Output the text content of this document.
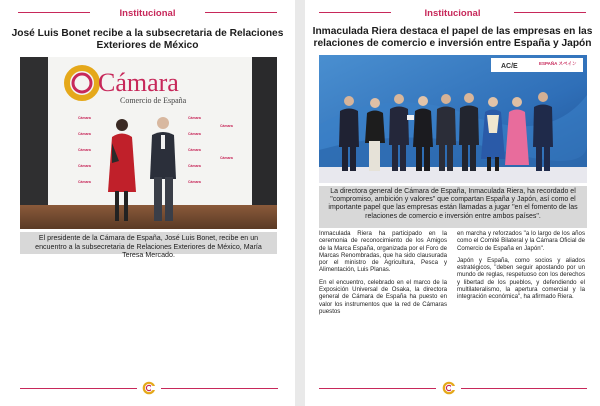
Institucional
José Luis Bonet recibe a la subsecretaria de Relaciones Exteriores de México
Cámara
Cámara
Cámara
Cámara
Cámara
Cámara
Cámara
Cámara
Cámara
Cámara
Cámara
Cámara
Cámara
Comercio de España
El presidente de la Cámara de España, José Luis Bonet, recibe en un encuentro a la subsecretaria de Relaciones Exteriores de México, María Teresa Mercado.
Institucional
Inmaculada Riera destaca el papel de las empresas en las relaciones de comercio e inversión entre España y Japón
AC/E	ESPAÑA スペイン
La directora general de Cámara de España, Inmaculada Riera, ha recordado el "compromiso, ambición y valores" que compartan España y Japón, así como el importante papel que las empresas están llamadas a jugar "en el fomento de las relaciones de comercio e inversión entre ambos países".

Inmaculada Riera ha participado en la ceremonia de reconocimiento de los Amigos de la Marca España, organizada por el Foro de Marcas Renombradas, que ha sido clausurada por el ministro de Agricultura, Pesca y Alimentación, Luis Planas.

En el encuentro, celebrado en el marco de la Exposición Universal de Osaka, la directora general de Cámara de España ha puesto en valor los instrumentos que la red de Cámaras puestos

en marcha y reforzados "a lo largo de los años como el Comité Bilateral y la Cámara Oficial de Comercio de España en Japón".

Japón y España, como socios y aliados estratégicos, "deben seguir apostando por un mundo de reglas, respetuoso con los derechos y libertad de los pueblos, y defendiendo el multilateralismo, la apertura comercial y la integración económica", ha afirmado Riera.
